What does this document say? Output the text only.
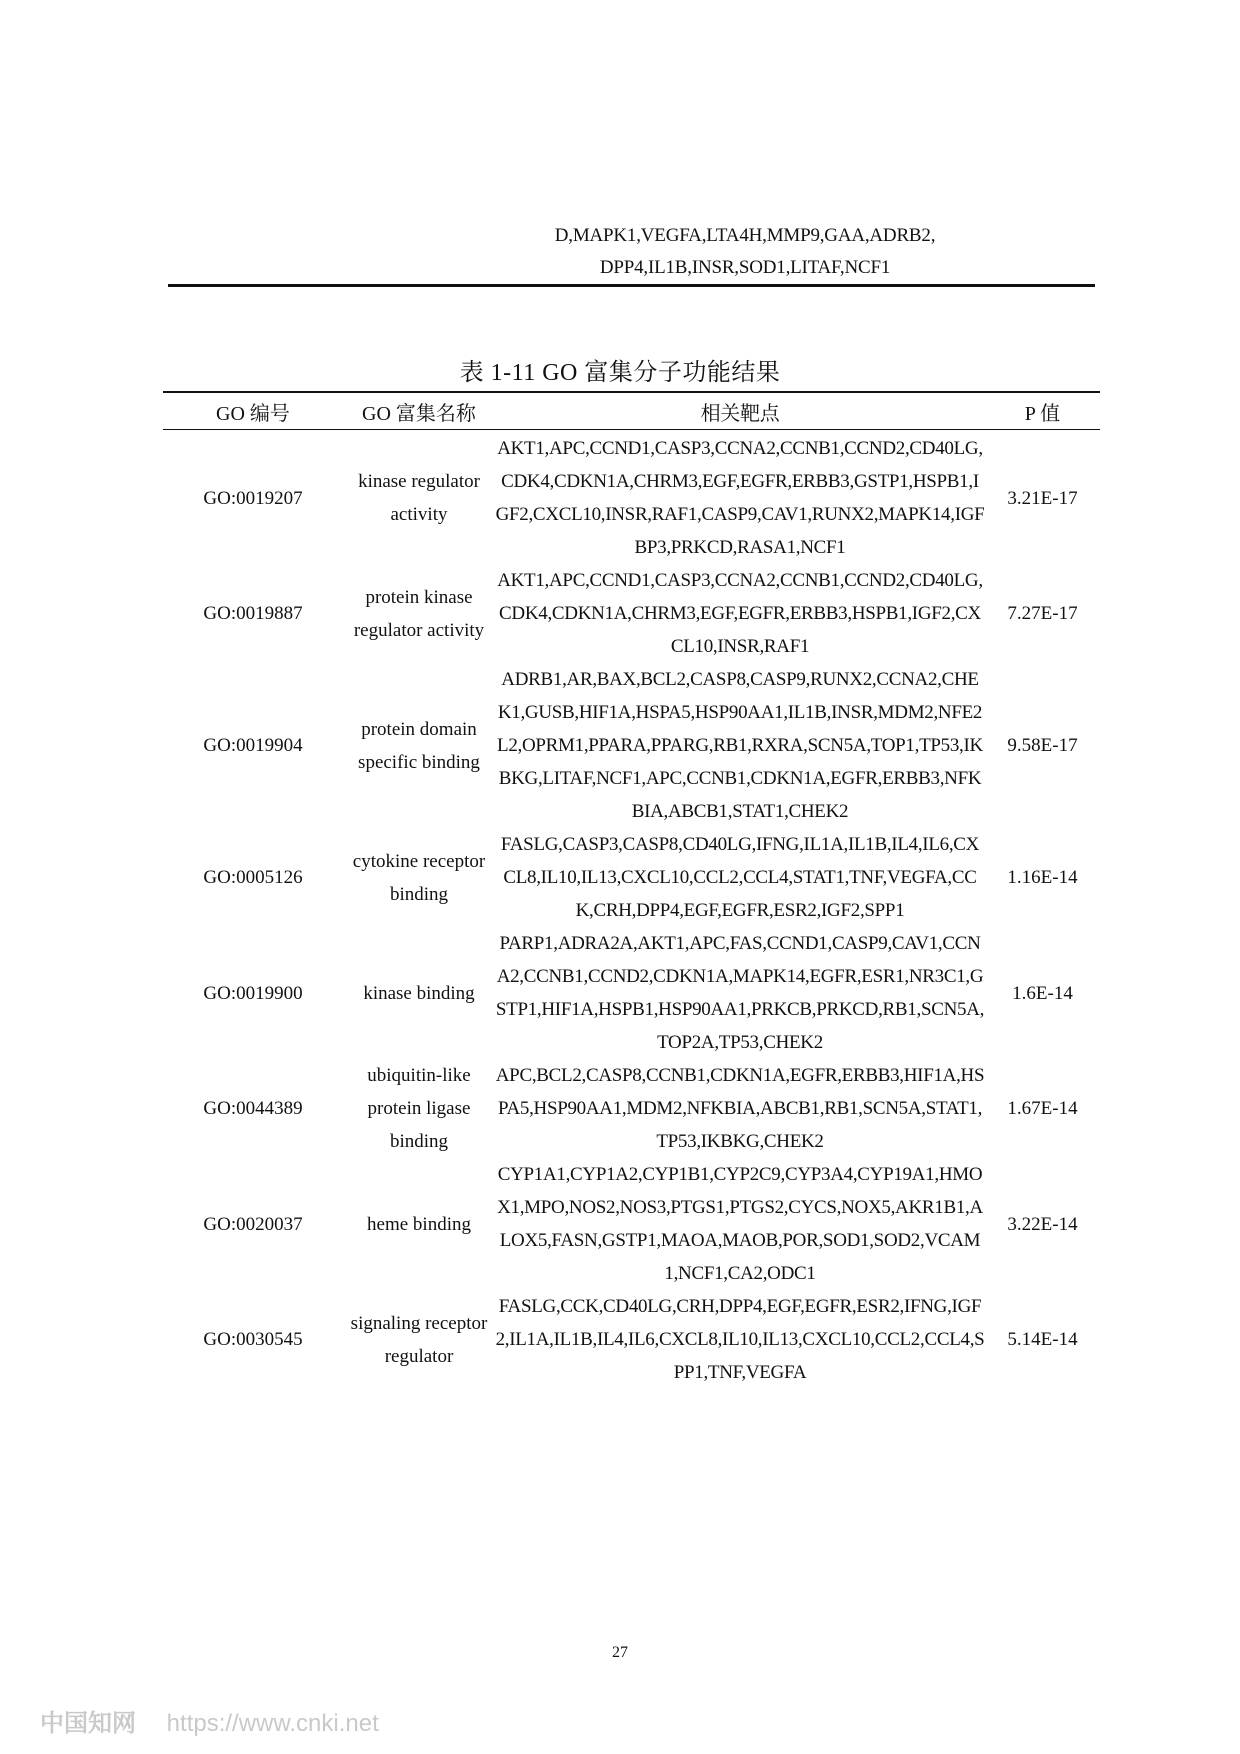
D,MAPK1,VEGFA,LTA4H,MMP9,GAA,ADRB2,
DPP4,IL1B,INSR,SOD1,LITAF,NCF1
表 1-11 GO 富集分子功能结果
GO 编号	GO 富集名称	相关靶点	P 值
GO:0019207	kinase regulator activity	AKT1,APC,CCND1,CASP3,CCNA2,CCNB1,CCND2,CD40LG,CDK4,CDKN1A,CHRM3,EGF,EGFR,ERBB3,GSTP1,HSPB1,IGF2,CXCL10,INSR,RAF1,CASP9,CAV1,RUNX2,MAPK14,IGFBP3,PRKCD,RASA1,NCF1	3.21E-17
GO:0019887	protein kinase regulator activity	AKT1,APC,CCND1,CASP3,CCNA2,CCNB1,CCND2,CD40LG,CDK4,CDKN1A,CHRM3,EGF,EGFR,ERBB3,HSPB1,IGF2,CXCL10,INSR,RAF1	7.27E-17
GO:0019904	protein domain specific binding	ADRB1,AR,BAX,BCL2,CASP8,CASP9,RUNX2,CCNA2,CHEK1,GUSB,HIF1A,HSPA5,HSP90AA1,IL1B,INSR,MDM2,NFE2L2,OPRM1,PPARA,PPARG,RB1,RXRA,SCN5A,TOP1,TP53,IKBKG,LITAF,NCF1,APC,CCNB1,CDKN1A,EGFR,ERBB3,NFKBIA,ABCB1,STAT1,CHEK2	9.58E-17
GO:0005126	cytokine receptor binding	FASLG,CASP3,CASP8,CD40LG,IFNG,IL1A,IL1B,IL4,IL6,CXCL8,IL10,IL13,CXCL10,CCL2,CCL4,STAT1,TNF,VEGFA,CCK,CRH,DPP4,EGF,EGFR,ESR2,IGF2,SPP1	1.16E-14
GO:0019900	kinase binding	PARP1,ADRA2A,AKT1,APC,FAS,CCND1,CASP9,CAV1,CCNA2,CCNB1,CCND2,CDKN1A,MAPK14,EGFR,ESR1,NR3C1,GSTP1,HIF1A,HSPB1,HSP90AA1,PRKCB,PRKCD,RB1,SCN5A,TOP2A,TP53,CHEK2	1.6E-14
GO:0044389	ubiquitin-like protein ligase binding	APC,BCL2,CASP8,CCNB1,CDKN1A,EGFR,ERBB3,HIF1A,HSPA5,HSP90AA1,MDM2,NFKBIA,ABCB1,RB1,SCN5A,STAT1,TP53,IKBKG,CHEK2	1.67E-14
GO:0020037	heme binding	CYP1A1,CYP1A2,CYP1B1,CYP2C9,CYP3A4,CYP19A1,HMOX1,MPO,NOS2,NOS3,PTGS1,PTGS2,CYCS,NOX5,AKR1B1,ALOX5,FASN,GSTP1,MAOA,MAOB,POR,SOD1,SOD2,VCAM1,NCF1,CA2,ODC1	3.22E-14
GO:0030545	signaling receptor regulator	FASLG,CCK,CD40LG,CRH,DPP4,EGF,EGFR,ESR2,IFNG,IGF2,IL1A,IL1B,IL4,IL6,CXCL8,IL10,IL13,CXCL10,CCL2,CCL4,SPP1,TNF,VEGFA	5.14E-14
27
中国知网 https://www.cnki.net
